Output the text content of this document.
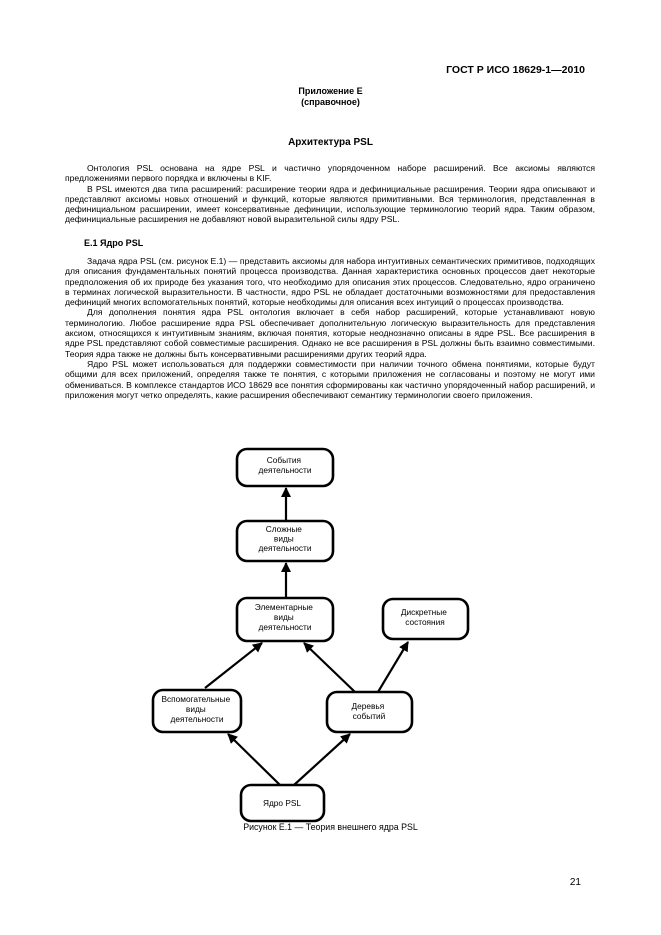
ГОСТ Р ИСО 18629-1—2010
Приложение Е
(справочное)
Архитектура PSL

Онтология PSL основана на ядре PSL и частично упорядоченном наборе расширений. Все аксиомы являются предложениями первого порядка и включены в KIF.

В PSL имеются два типа расширений: расширение теории ядра и дефинициальные расширения. Теории ядра описывают и представляют аксиомы новых отношений и функций, которые являются примитивными. Вся терминология, представленная в дефинициальном расширении, имеет консервативные дефиниции, использующие терминологию теорий ядра. Таким образом, дефинициальные расширения не добавляют новой выразительной силы ядру PSL.

Е.1 Ядро PSL

Задача ядра PSL (см. рисунок Е.1) — представить аксиомы для набора интуитивных семантических примитивов, подходящих для описания фундаментальных понятий процесса производства. Данная характеристика основных процессов дает некоторые предположения об их природе без указания того, что необходимо для описания этих процессов. Следовательно, ядро ограничено в терминах логической выразительности. В частности, ядро PSL не обладает достаточными возможностями для предоставления дефиниций многих вспомогательных понятий, которые необходимы для описания всех интуиций о процессах производства.

Для дополнения понятия ядра PSL онтология включает в себя набор расширений, которые устанавливают новую терминологию. Любое расширение ядра PSL обеспечивает дополнительную логическую выразительность для представления аксиом, относящихся к интуитивным знаниям, включая понятия, которые неоднозначно описаны в ядре PSL. Все расширения в ядре PSL представляют собой совместимые расширения. Однако не все расширения в PSL должны быть взаимно совместимыми. Теория ядра также не должны быть консервативными расширениями других теорий ядра.

Ядро PSL может использоваться для поддержки совместимости при наличии точного обмена понятиями, которые будут общими для всех приложений, определяя также те понятия, с которыми приложения не согласованы и поэтому не могут ими обмениваться. В комплексе стандартов ИСО 18629 все понятия сформированы как частично упорядоченный набор расширений, и приложения могут четко определять, какие расширения обеспечивают семантику терминологии своего приложения.

События деятельности
Сложные виды деятельности
Элементарные виды деятельности
Дискретные состояния
Вспомогательные виды деятельности
Деревья событий
Ядро PSL
Рисунок Е.1 — Теория внешнего ядра PSL
21
